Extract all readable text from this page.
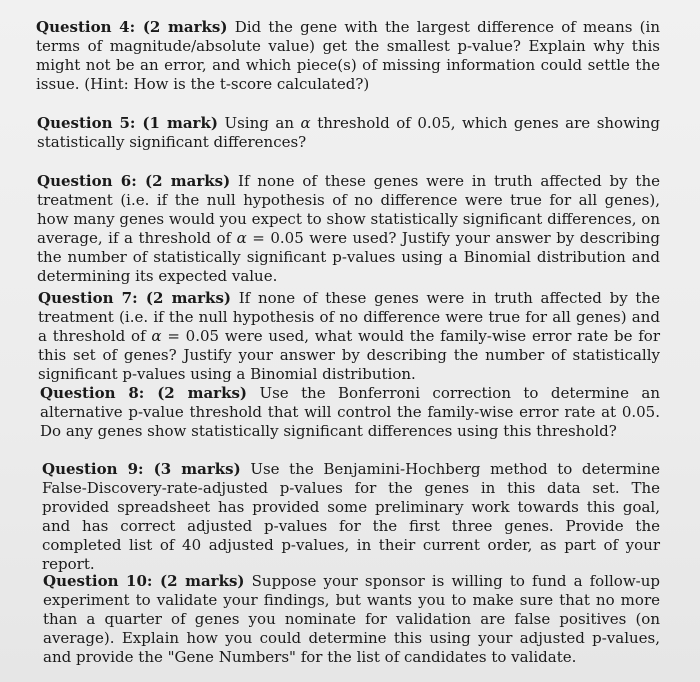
Question 4: (2 marks) Did the gene with the largest difference of means (in terms of magnitude/absolute value) get the smallest p-value? Explain why this might not be an error, and which piece(s) of missing information could settle the issue. (Hint: How is the t-score calculated?)

Question 5: (1 mark) Using an α threshold of 0.05, which genes are showing statistically significant differences?

Question 6: (2 marks) If none of these genes were in truth affected by the treatment (i.e. if the null hypothesis of no difference were true for all genes), how many genes would you expect to show statistically significant differences, on average, if a threshold of α = 0.05 were used? Justify your answer by describing the number of statistically significant p-values using a Binomial distribution and determining its expected value.

Question 7: (2 marks) If none of these genes were in truth affected by the treatment (i.e. if the null hypothesis of no difference were true for all genes) and a threshold of α = 0.05 were used, what would the family-wise error rate be for this set of genes? Justify your answer by describing the number of statistically significant p-values using a Binomial distribution.

Question 8: (2 marks) Use the Bonferroni correction to determine an alternative p-value threshold that will control the family-wise error rate at 0.05. Do any genes show statistically significant differences using this threshold?

Question 9: (3 marks) Use the Benjamini-Hochberg method to determine False-Discovery-rate-adjusted p-values for the genes in this data set. The provided spreadsheet has provided some preliminary work towards this goal, and has correct adjusted p-values for the first three genes. Provide the completed list of 40 adjusted p-values, in their current order, as part of your report.

Question 10: (2 marks) Suppose your sponsor is willing to fund a follow-up experiment to validate your findings, but wants you to make sure that no more than a quarter of genes you nominate for validation are false positives (on average). Explain how you could determine this using your adjusted p-values, and provide the "Gene Numbers" for the list of candidates to validate.
